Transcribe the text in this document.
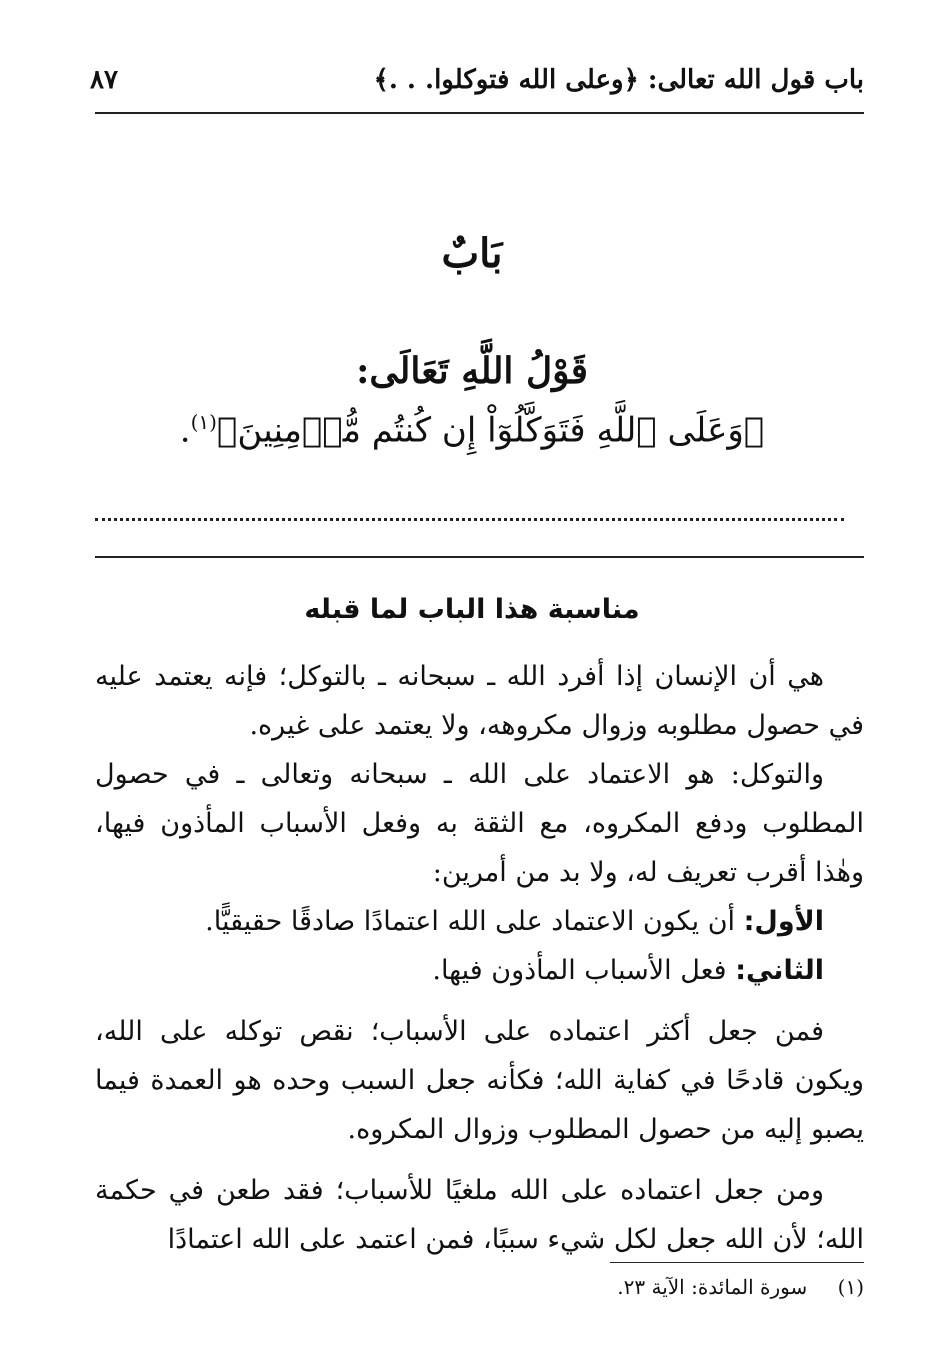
باب قول الله تعالى: ﴿وعلى الله فتوكلوا. . .﴾
٨٧
بَابٌ
قَوْلُ اللَّهِ تَعَالَى:
﴿وَعَلَى ٱللَّهِ فَتَوَكَّلُوٓاْ إِن كُنتُم مُّؤۡمِنِينَ﴾$^{(١)}$.
مناسبة هذا الباب لما قبله

هي أن الإنسان إذا أفرد الله ـ سبحانه ـ بالتوكل؛ فإنه يعتمد عليه في حصول مطلوبه وزوال مكروهه، ولا يعتمد على غيره.

والتوكل: هو الاعتماد على الله ـ سبحانه وتعالى ـ في حصول المطلوب ودفع المكروه، مع الثقة به وفعل الأسباب المأذون فيها، وهٰذا أقرب تعريف له، ولا بد من أمرين:

الأول: أن يكون الاعتماد على الله اعتمادًا صادقًا حقيقيًّا.
الثاني: فعل الأسباب المأذون فيها.

فمن جعل أكثر اعتماده على الأسباب؛ نقص توكله على الله، ويكون قادحًا في كفاية الله؛ فكأنه جعل السبب وحده هو العمدة فيما يصبو إليه من حصول المطلوب وزوال المكروه.

ومن جعل اعتماده على الله ملغيًا للأسباب؛ فقد طعن في حكمة الله؛ لأن الله جعل لكل شيء سببًا، فمن اعتمد على الله اعتمادًا

(١) سورة المائدة: الآية ٢٣.
